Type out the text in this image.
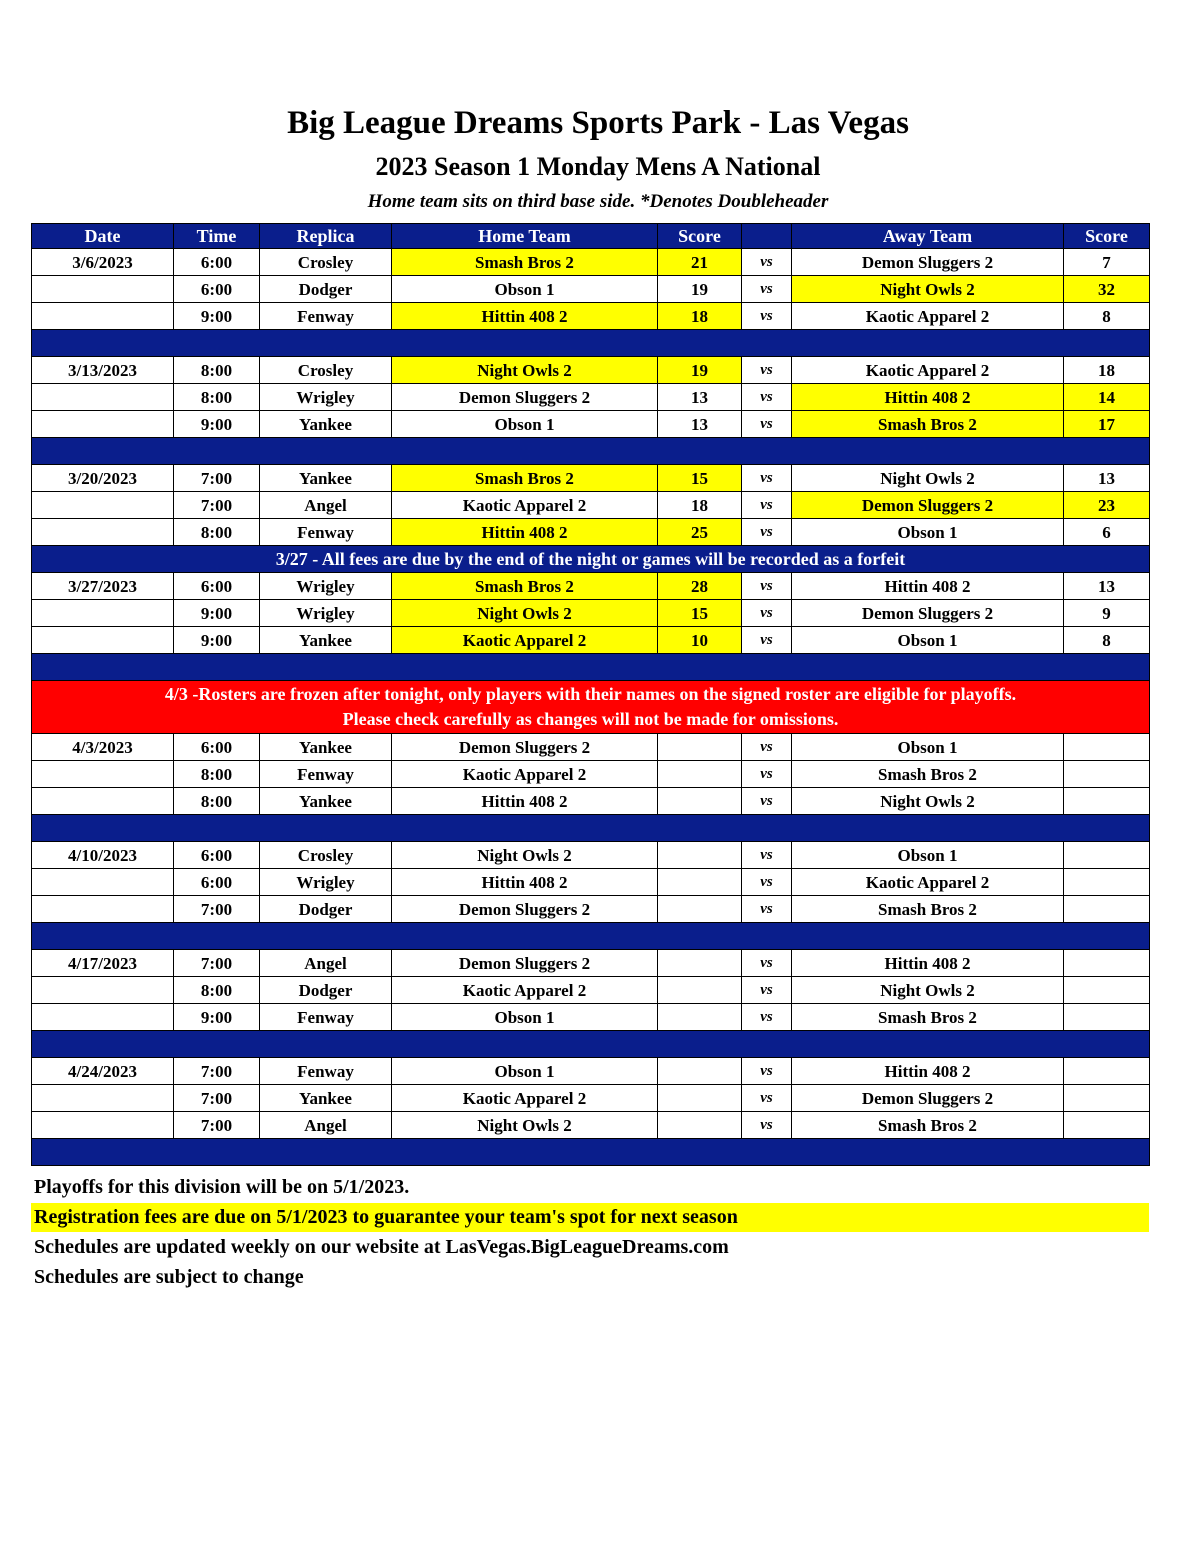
Big League Dreams Sports Park - Las Vegas
2023 Season 1 Monday Mens A National
Home team sits on third base side. *Denotes Doubleheader
Date	Time	Replica	Home Team	Score		Away Team	Score
3/6/2023	6:00	Crosley	Smash Bros 2	21	vs	Demon Sluggers 2	7
	6:00	Dodger	Obson 1	19	vs	Night Owls 2	32
	9:00	Fenway	Hittin 408 2	18	vs	Kaotic Apparel 2	8

3/13/2023	8:00	Crosley	Night Owls 2	19	vs	Kaotic Apparel 2	18
	8:00	Wrigley	Demon Sluggers 2	13	vs	Hittin 408 2	14
	9:00	Yankee	Obson 1	13	vs	Smash Bros 2	17

3/20/2023	7:00	Yankee	Smash Bros 2	15	vs	Night Owls 2	13
	7:00	Angel	Kaotic Apparel 2	18	vs	Demon Sluggers 2	23
	8:00	Fenway	Hittin 408 2	25	vs	Obson 1	6
3/27 - All fees are due by the end of the night or games will be recorded as a forfeit							
3/27/2023	6:00	Wrigley	Smash Bros 2	28	vs	Hittin 408 2	13
	9:00	Wrigley	Night Owls 2	15	vs	Demon Sluggers 2	9
	9:00	Yankee	Kaotic Apparel 2	10	vs	Obson 1	8

4/3 -Rosters are frozen after tonight, only players with their names on the signed roster are eligible for playoffs.
Please check carefully as changes will not be made for omissions.							

4/3/2023	6:00	Yankee	Demon Sluggers 2		vs	Obson 1	
	8:00	Fenway	Kaotic Apparel 2		vs	Smash Bros 2	
	8:00	Yankee	Hittin 408 2		vs	Night Owls 2	

4/10/2023	6:00	Crosley	Night Owls 2		vs	Obson 1	
	6:00	Wrigley	Hittin 408 2		vs	Kaotic Apparel 2	
	7:00	Dodger	Demon Sluggers 2		vs	Smash Bros 2	

4/17/2023	7:00	Angel	Demon Sluggers 2		vs	Hittin 408 2	
	8:00	Dodger	Kaotic Apparel 2		vs	Night Owls 2	
	9:00	Fenway	Obson 1		vs	Smash Bros 2	

4/24/2023	7:00	Fenway	Obson 1		vs	Hittin 408 2	
	7:00	Yankee	Kaotic Apparel 2		vs	Demon Sluggers 2	
	7:00	Angel	Night Owls 2		vs	Smash Bros 2	

Playoffs for this division will be on 5/1/2023.
Registration fees are due on 5/1/2023 to guarantee your team's spot for next season
Schedules are updated weekly on our website at LasVegas.BigLeagueDreams.com
Schedules are subject to change
